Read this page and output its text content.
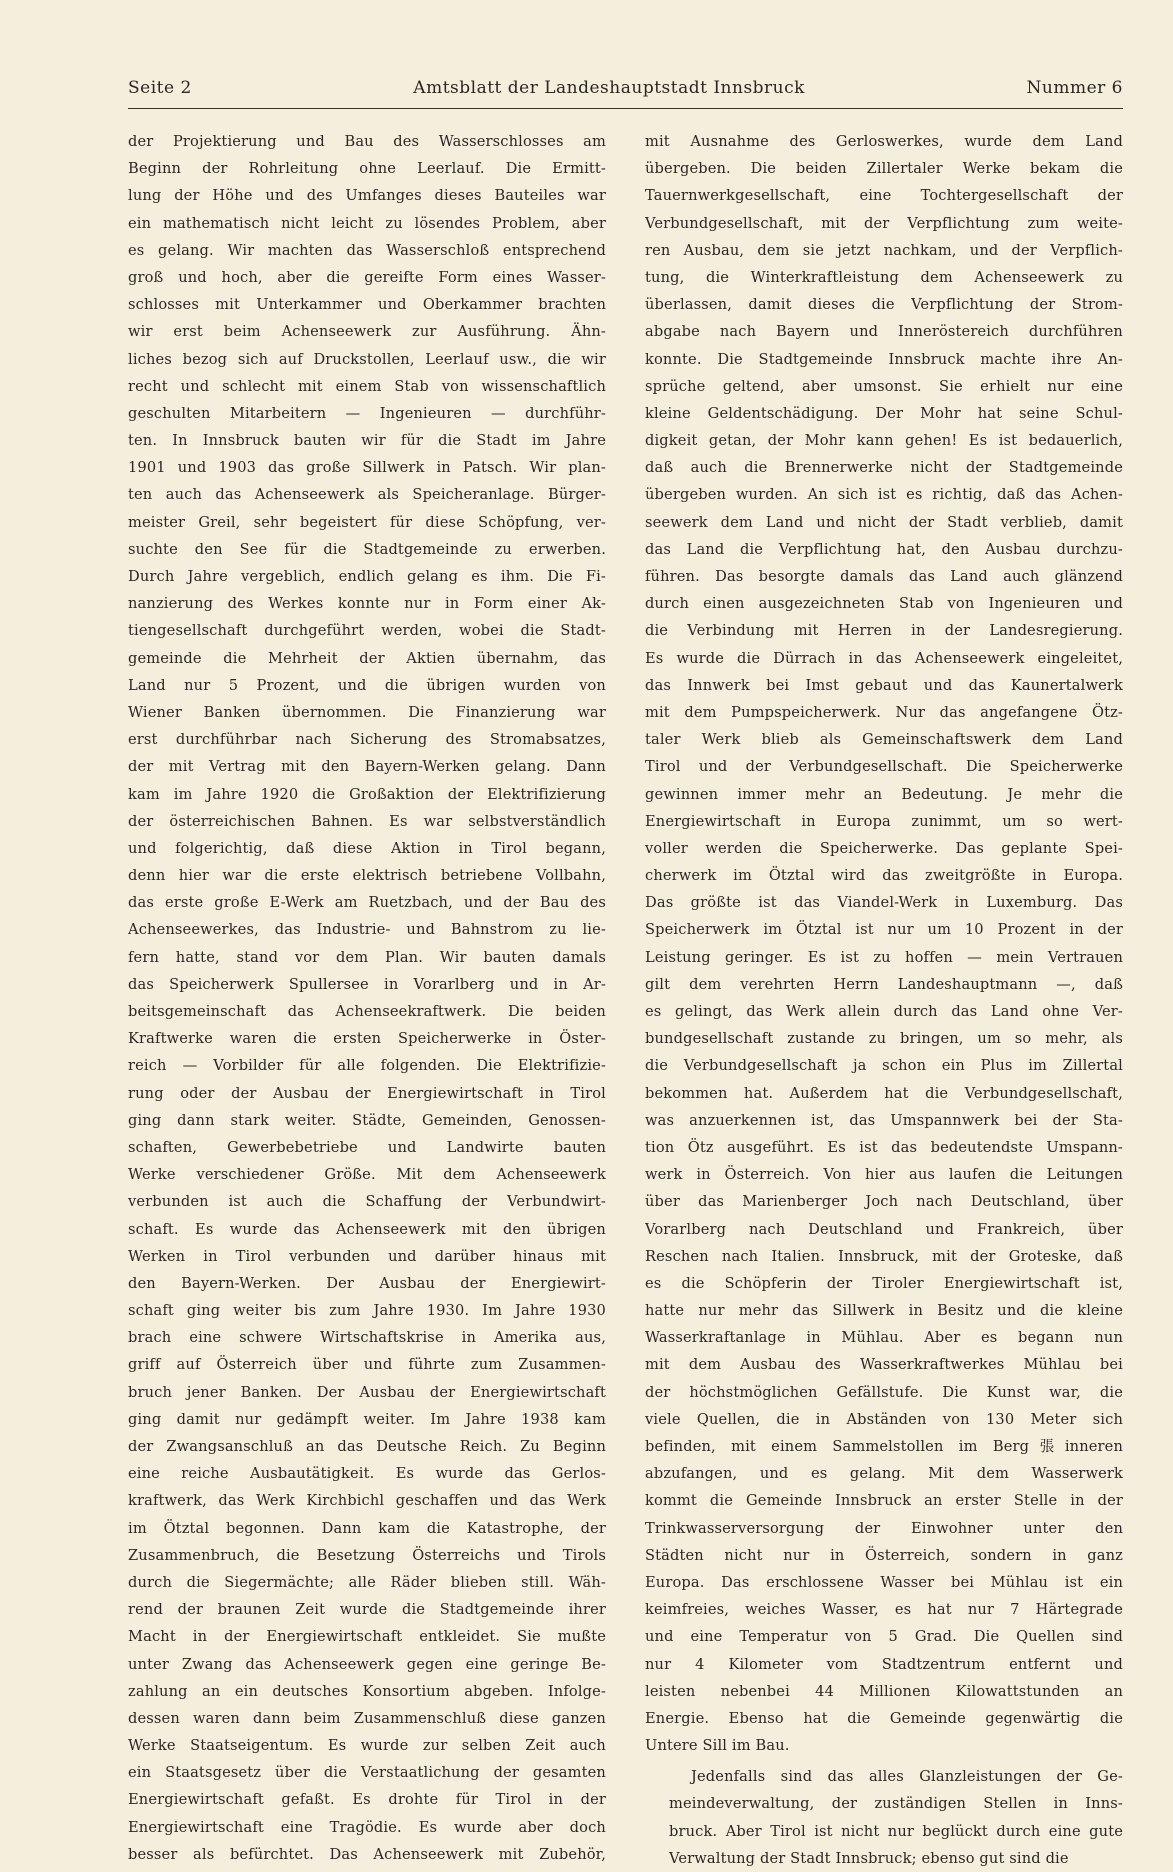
Seite 2	Amtsblatt der Landeshauptstadt Innsbruck	Nummer 6
der Projektierung und Bau des Wasserschlosses am
Beginn der Rohrleitung ohne Leerlauf. Die Ermitt-
lung der Höhe und des Umfanges dieses Bauteiles war
ein mathematisch nicht leicht zu lösendes Problem, aber
es gelang. Wir machten das Wasserschloß entsprechend
groß und hoch, aber die gereifte Form eines Wasser-
schlosses mit Unterkammer und Oberkammer brachten
wir erst beim Achenseewerk zur Ausführung. Ähn-
liches bezog sich auf Druckstollen, Leerlauf usw., die wir
recht und schlecht mit einem Stab von wissenschaftlich
geschulten Mitarbeitern — Ingenieuren — durchführ-
ten. In Innsbruck bauten wir für die Stadt im Jahre
1901 und 1903 das große Sillwerk in Patsch. Wir plan-
ten auch das Achenseewerk als Speicheranlage. Bürger-
meister Greil, sehr begeistert für diese Schöpfung, ver-
suchte den See für die Stadtgemeinde zu erwerben.
Durch Jahre vergeblich, endlich gelang es ihm. Die Fi-
nanzierung des Werkes konnte nur in Form einer Ak-
tiengesellschaft durchgeführt werden, wobei die Stadt-
gemeinde die Mehrheit der Aktien übernahm, das
Land nur 5 Prozent, und die übrigen wurden von
Wiener Banken übernommen. Die Finanzierung war
erst durchführbar nach Sicherung des Stromabsatzes,
der mit Vertrag mit den Bayern-Werken gelang. Dann
kam im Jahre 1920 die Großaktion der Elektrifizierung
der österreichischen Bahnen. Es war selbstverständlich
und folgerichtig, daß diese Aktion in Tirol begann,
denn hier war die erste elektrisch betriebene Vollbahn,
das erste große E-Werk am Ruetzbach, und der Bau des
Achenseewerkes, das Industrie- und Bahnstrom zu lie-
fern hatte, stand vor dem Plan. Wir bauten damals
das Speicherwerk Spullersee in Vorarlberg und in Ar-
beitsgemeinschaft das Achenseekraftwerk. Die beiden
Kraftwerke waren die ersten Speicherwerke in Öster-
reich — Vorbilder für alle folgenden. Die Elektrifizie-
rung oder der Ausbau der Energiewirtschaft in Tirol
ging dann stark weiter. Städte, Gemeinden, Genossen-
schaften, Gewerbebetriebe und Landwirte bauten
Werke verschiedener Größe. Mit dem Achenseewerk
verbunden ist auch die Schaffung der Verbundwirt-
schaft. Es wurde das Achenseewerk mit den übrigen
Werken in Tirol verbunden und darüber hinaus mit
den Bayern-Werken. Der Ausbau der Energiewirt-
schaft ging weiter bis zum Jahre 1930. Im Jahre 1930
brach eine schwere Wirtschaftskrise in Amerika aus,
griff auf Österreich über und führte zum Zusammen-
bruch jener Banken. Der Ausbau der Energiewirtschaft
ging damit nur gedämpft weiter. Im Jahre 1938 kam
der Zwangsanschluß an das Deutsche Reich. Zu Beginn
eine reiche Ausbautätigkeit. Es wurde das Gerlos-
kraftwerk, das Werk Kirchbichl geschaffen und das Werk
im Ötztal begonnen. Dann kam die Katastrophe, der
Zusammenbruch, die Besetzung Österreichs und Tirols
durch die Siegermächte; alle Räder blieben still. Wäh-
rend der braunen Zeit wurde die Stadtgemeinde ihrer
Macht in der Energiewirtschaft entkleidet. Sie mußte
unter Zwang das Achenseewerk gegen eine geringe Be-
zahlung an ein deutsches Konsortium abgeben. Infolge-
dessen waren dann beim Zusammenschluß diese ganzen
Werke Staatseigentum. Es wurde zur selben Zeit auch
ein Staatsgesetz über die Verstaatlichung der gesamten
Energiewirtschaft gefaßt. Es drohte für Tirol in der
Energiewirtschaft eine Tragödie. Es wurde aber doch
besser als befürchtet. Das Achenseewerk mit Zubehör,
mit Ausnahme des Gerloswerkes, wurde dem Land
übergeben. Die beiden Zillertaler Werke bekam die
Tauernwerkgesellschaft, eine Tochtergesellschaft der
Verbundgesellschaft, mit der Verpflichtung zum weite-
ren Ausbau, dem sie jetzt nachkam, und der Verpflich-
tung, die Winterkraftleistung dem Achenseewerk zu
überlassen, damit dieses die Verpflichtung der Strom-
abgabe nach Bayern und Inneröstereich durchführen
konnte. Die Stadtgemeinde Innsbruck machte ihre An-
sprüche geltend, aber umsonst. Sie erhielt nur eine
kleine Geldentschädigung. Der Mohr hat seine Schul-
digkeit getan, der Mohr kann gehen! Es ist bedauerlich,
daß auch die Brennerwerke nicht der Stadtgemeinde
übergeben wurden. An sich ist es richtig, daß das Achen-
seewerk dem Land und nicht der Stadt verblieb, damit
das Land die Verpflichtung hat, den Ausbau durchzu-
führen. Das besorgte damals das Land auch glänzend
durch einen ausgezeichneten Stab von Ingenieuren und
die Verbindung mit Herren in der Landesregierung.
Es wurde die Dürrach in das Achenseewerk eingeleitet,
das Innwerk bei Imst gebaut und das Kaunertalwerk
mit dem Pumpspeicherwerk. Nur das angefangene Ötz-
taler Werk blieb als Gemeinschaftswerk dem Land
Tirol und der Verbundgesellschaft. Die Speicherwerke
gewinnen immer mehr an Bedeutung. Je mehr die
Energiewirtschaft in Europa zunimmt, um so wert-
voller werden die Speicherwerke. Das geplante Spei-
cherwerk im Ötztal wird das zweitgrößte in Europa.
Das größte ist das Viandel-Werk in Luxemburg. Das
Speicherwerk im Ötztal ist nur um 10 Prozent in der
Leistung geringer. Es ist zu hoffen — mein Vertrauen
gilt dem verehrten Herrn Landeshauptmann —, daß
es gelingt, das Werk allein durch das Land ohne Ver-
bundgesellschaft zustande zu bringen, um so mehr, als
die Verbundgesellschaft ja schon ein Plus im Zillertal
bekommen hat. Außerdem hat die Verbundgesellschaft,
was anzuerkennen ist, das Umspannwerk bei der Sta-
tion Ötz ausgeführt. Es ist das bedeutendste Umspann-
werk in Österreich. Von hier aus laufen die Leitungen
über das Marienberger Joch nach Deutschland, über
Vorarlberg nach Deutschland und Frankreich, über
Reschen nach Italien. Innsbruck, mit der Groteske, daß
es die Schöpferin der Tiroler Energiewirtschaft ist,
hatte nur mehr das Sillwerk in Besitz und die kleine
Wasserkraftanlage in Mühlau. Aber es begann nun
mit dem Ausbau des Wasserkraftwerkes Mühlau bei
der höchstmöglichen Gefällstufe. Die Kunst war, die
viele Quellen, die in Abständen von 130 Meter sich
befinden, mit einem Sammelstollen im Berg張inneren
abzufangen, und es gelang. Mit dem Wasserwerk
kommt die Gemeinde Innsbruck an erster Stelle in der
Trinkwasserversorgung der Einwohner unter den
Städten nicht nur in Österreich, sondern in ganz
Europa. Das erschlossene Wasser bei Mühlau ist ein
keimfreies, weiches Wasser, es hat nur 7 Härtegrade
und eine Temperatur von 5 Grad. Die Quellen sind
nur 4 Kilometer vom Stadtzentrum entfernt und
leisten nebenbei 44 Millionen Kilowattstunden an
Energie. Ebenso hat die Gemeinde gegenwärtig die
Untere Sill im Bau.
Jedenfalls sind das alles Glanzleistungen der Ge-
meindeverwaltung, der zuständigen Stellen in Inns-
bruck. Aber Tirol ist nicht nur beglückt durch eine gute
Verwaltung der Stadt Innsbruck; ebenso gut sind die
